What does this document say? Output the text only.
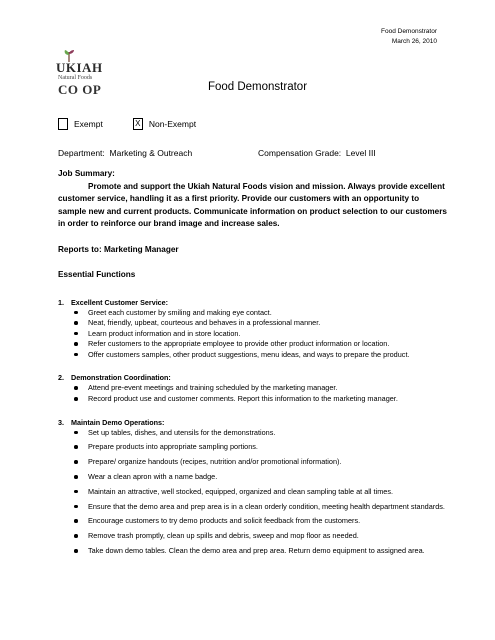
Food Demonstrator
March 26, 2010
UKIAH
Natural Foods
CO OP	Food Demonstrator
Exempt	X Non-Exempt
Department: Marketing & Outreach	Compensation Grade: Level III
Job Summary:

Promote and support the Ukiah Natural Foods vision and mission. Always provide excellent customer service, handling it as a first priority. Provide our customers with an opportunity to sample new and current products. Communicate information on product selection to our customers in order to reinforce our brand image and increase sales.

Reports to: Marketing Manager
Essential Functions
1. Excellent Customer Service:
Greet each customer by smiling and making eye contact.
Neat, friendly, upbeat, courteous and behaves in a professional manner.
Learn product information and in store location.
Refer customers to the appropriate employee to provide other product information or location.
Offer customers samples, other product suggestions, menu ideas, and ways to prepare the product.
2. Demonstration Coordination:
Attend pre-event meetings and training scheduled by the marketing manager.
Record product use and customer comments. Report this information to the marketing manager.
3. Maintain Demo Operations:
Set up tables, dishes, and utensils for the demonstrations.
Prepare products into appropriate sampling portions.
Prepare/ organize handouts (recipes, nutrition and/or promotional information).
Wear a clean apron with a name badge.
Maintain an attractive, well stocked, equipped, organized and clean sampling table at all times.
Ensure that the demo area and prep area is in a clean orderly condition, meeting health department standards.
Encourage customers to try demo products and solicit feedback from the customers.
Remove trash promptly, clean up spills and debris, sweep and mop floor as needed.
Take down demo tables. Clean the demo area and prep area. Return demo equipment to assigned area.
